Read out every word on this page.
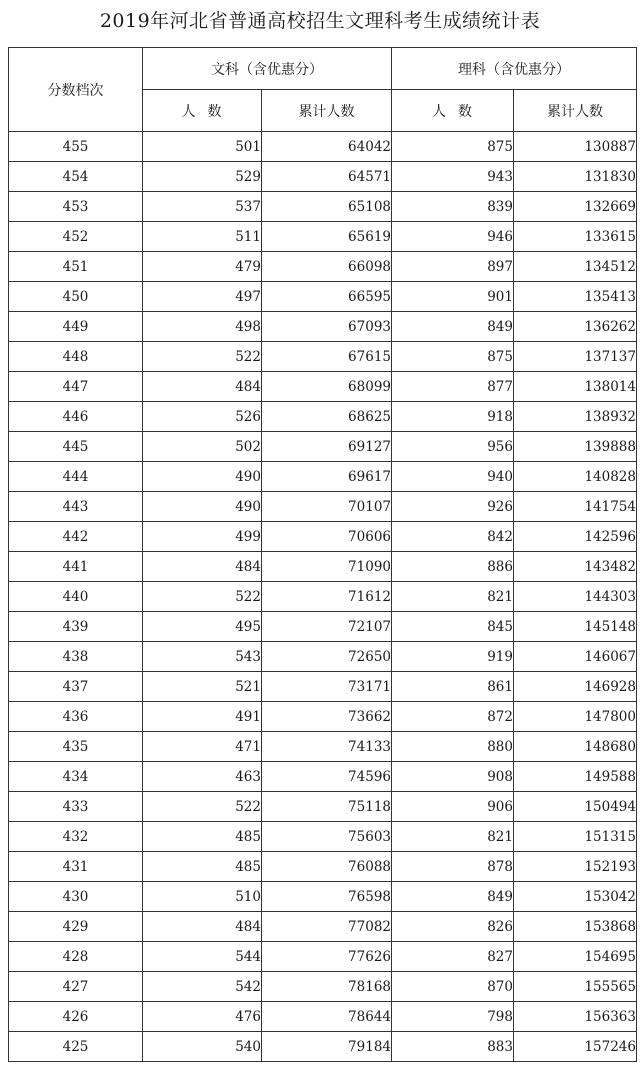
2019年河北省普通高校招生文理科考生成绩统计表
分数档次	文科（含优惠分）		理科（含优惠分）	
	人  数	累计人数	人  数	累计人数
455	501	64042	875	130887
454	529	64571	943	131830
453	537	65108	839	132669
452	511	65619	946	133615
451	479	66098	897	134512
450	497	66595	901	135413
449	498	67093	849	136262
448	522	67615	875	137137
447	484	68099	877	138014
446	526	68625	918	138932
445	502	69127	956	139888
444	490	69617	940	140828
443	490	70107	926	141754
442	499	70606	842	142596
441	484	71090	886	143482
440	522	71612	821	144303
439	495	72107	845	145148
438	543	72650	919	146067
437	521	73171	861	146928
436	491	73662	872	147800
435	471	74133	880	148680
434	463	74596	908	149588
433	522	75118	906	150494
432	485	75603	821	151315
431	485	76088	878	152193
430	510	76598	849	153042
429	484	77082	826	153868
428	544	77626	827	154695
427	542	78168	870	155565
426	476	78644	798	156363
425	540	79184	883	157246
